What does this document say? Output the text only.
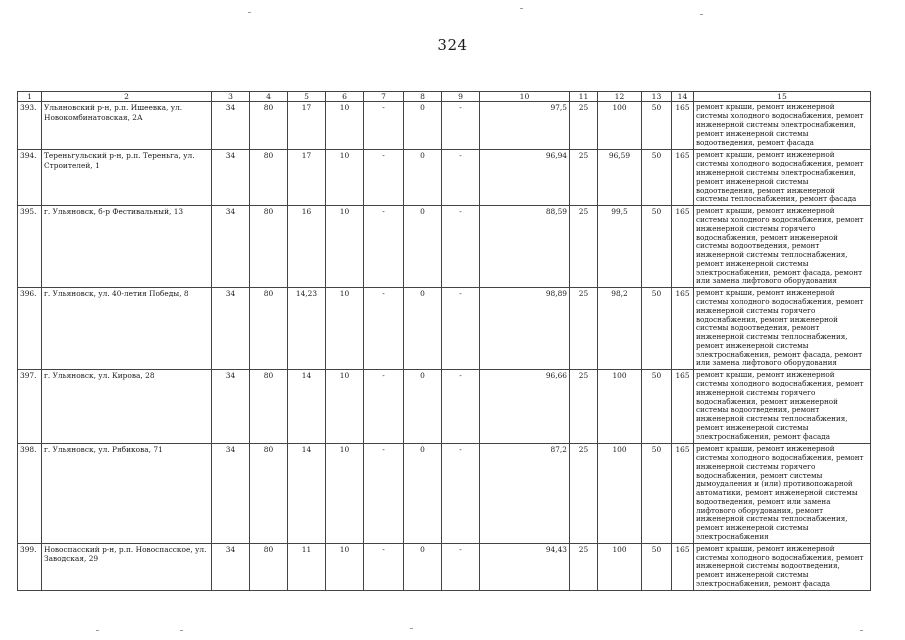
324
1	2	3	4	5	6	7	8	9	10	11	12	13	14	15
393.	Ульяновский р-н, р.п. Ишеевка, ул. Новокомбинатовская, 2А	34	80	17	10	-	0	-	97,5	25	100	50	165	ремонт крыши, ремонт инженерной системы холодного водоснабжения, ремонт инженерной системы электроснабжения, ремонт инженерной системы водоотведения, ремонт фасада
394.	Тереньгульский р-н, р.п. Тереньга, ул. Строителей, 1	34	80	17	10	-	0	-	96,94	25	96,59	50	165	ремонт крыши, ремонт инженерной системы холодного водоснабжения, ремонт инженерной системы электроснабжения, ремонт инженерной системы водоотведения, ремонт инженерной системы теплоснабжения, ремонт фасада
395.	г. Ульяновск, б-р Фестивальный, 13	34	80	16	10	-	0	-	88,59	25	99,5	50	165	ремонт крыши, ремонт инженерной системы холодного водоснабжения, ремонт инженерной системы горячего водоснабжения, ремонт инженерной системы водоотведения, ремонт инженерной системы теплоснабжения, ремонт инженерной системы электроснабжения, ремонт фасада, ремонт или замена лифтового оборудования
396.	г. Ульяновск, ул. 40-летия Победы, 8	34	80	14,23	10	-	0	-	98,89	25	98,2	50	165	ремонт крыши, ремонт инженерной системы холодного водоснабжения, ремонт инженерной системы горячего водоснабжения, ремонт инженерной системы водоотведения, ремонт инженерной системы теплоснабжения, ремонт инженерной системы электроснабжения, ремонт фасада, ремонт или замена лифтового оборудования
397.	г. Ульяновск, ул. Кирова, 28	34	80	14	10	-	0	-	96,66	25	100	50	165	ремонт крыши, ремонт инженерной системы холодного водоснабжения, ремонт инженерной системы горячего водоснабжения, ремонт инженерной системы водоотведения, ремонт инженерной системы теплоснабжения, ремонт инженерной системы электроснабжения, ремонт фасада
398.	г. Ульяновск, ул. Рябикова, 71	34	80	14	10	-	0	-	87,2	25	100	50	165	ремонт крыши, ремонт инженерной системы холодного водоснабжения, ремонт инженерной системы горячего водоснабжения, ремонт системы дымоудаления и (или) противопожарной автоматики, ремонт инженерной системы водоотведения, ремонт или замена лифтового оборудования, ремонт инженерной системы теплоснабжения, ремонт инженерной системы электроснабжения
399.	Новоспасский р-н, р.п. Новоспасское, ул. Заводская, 29	34	80	11	10	-	0	-	94,43	25	100	50	165	ремонт крыши, ремонт инженерной системы холодного водоснабжения, ремонт инженерной системы водоотведения, ремонт инженерной системы электроснабжения, ремонт фасада
